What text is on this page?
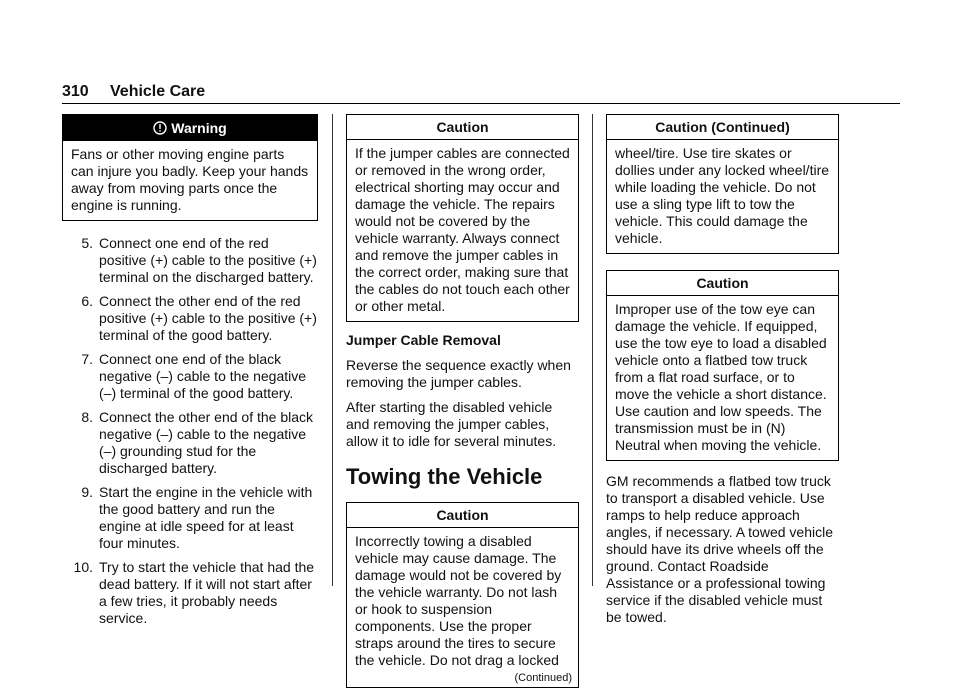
310 Vehicle Care
Warning
Fans or other moving engine parts can injure you badly. Keep your hands away from moving parts once the engine is running.
5. Connect one end of the red positive (+) cable to the positive (+) terminal on the discharged battery.
6. Connect the other end of the red positive (+) cable to the positive (+) terminal of the good battery.
7. Connect one end of the black negative (–) cable to the negative (–) terminal of the good battery.
8. Connect the other end of the black negative (–) cable to the negative (–) grounding stud for the discharged battery.
9. Start the engine in the vehicle with the good battery and run the engine at idle speed for at least four minutes.
10. Try to start the vehicle that had the dead battery. If it will not start after a few tries, it probably needs service.
Caution
If the jumper cables are connected or removed in the wrong order, electrical shorting may occur and damage the vehicle. The repairs would not be covered by the vehicle warranty. Always connect and remove the jumper cables in the correct order, making sure that the cables do not touch each other or other metal.
Jumper Cable Removal

Reverse the sequence exactly when removing the jumper cables.

After starting the disabled vehicle and removing the jumper cables, allow it to idle for several minutes.

Towing the Vehicle
Caution
Incorrectly towing a disabled vehicle may cause damage. The damage would not be covered by the vehicle warranty. Do not lash or hook to suspension components. Use the proper straps around the tires to secure the vehicle. Do not drag a locked
(Continued)
Caution (Continued)
wheel/tire. Use tire skates or dollies under any locked wheel/tire while loading the vehicle. Do not use a sling type lift to tow the vehicle. This could damage the vehicle.
Caution
Improper use of the tow eye can damage the vehicle. If equipped, use the tow eye to load a disabled vehicle onto a flatbed tow truck from a flat road surface, or to move the vehicle a short distance. Use caution and low speeds. The transmission must be in (N) Neutral when moving the vehicle.

GM recommends a flatbed tow truck to transport a disabled vehicle. Use ramps to help reduce approach angles, if necessary. A towed vehicle should have its drive wheels off the ground. Contact Roadside Assistance or a professional towing service if the disabled vehicle must be towed.
